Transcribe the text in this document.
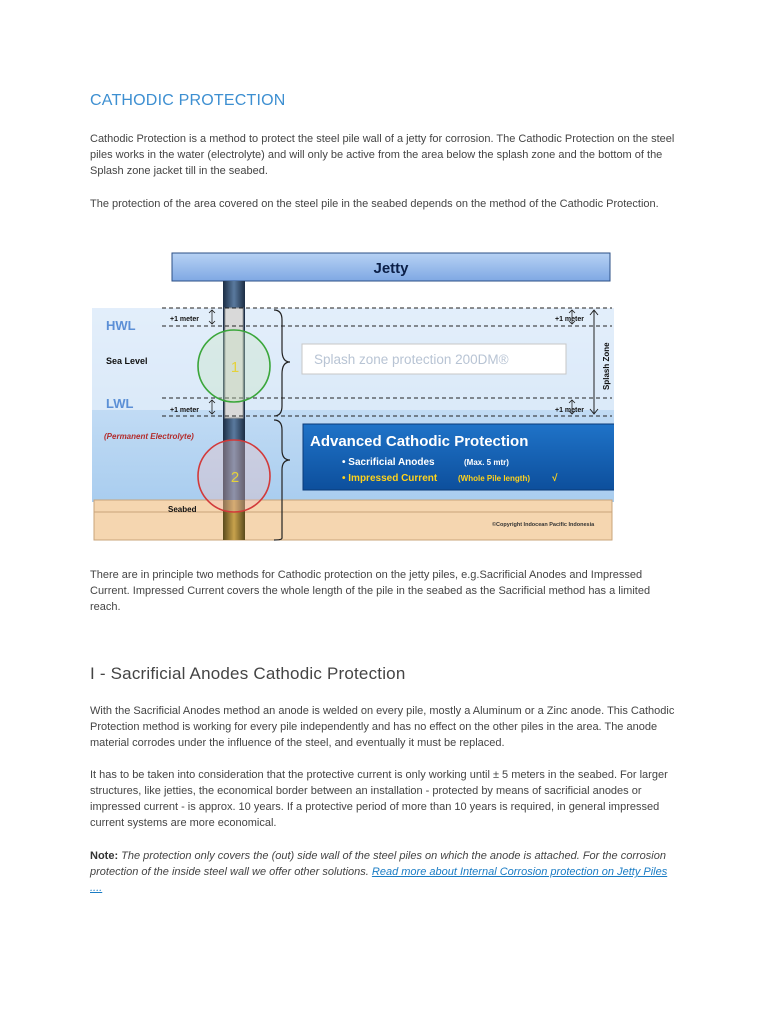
CATHODIC PROTECTION

Cathodic Protection is a method to protect the steel pile wall of a jetty for corrosion. The Cathodic Protection on the steel piles works in the water (electrolyte) and will only be active from the area below the splash zone and the bottom of the Splash zone jacket till in the seabed.

The protection of the area covered on the steel pile in the seabed depends on the method of the Cathodic Protection.

Jetty
HWL
Sea Level
LWL
(Permanent Electrolyte)
Seabed
+1 meter
+1 meter
+1 meter
+1 meter
Splash Zone
1
2
Splash zone protection 200DM®
Advanced Cathodic Protection
• Sacrificial Anodes	(Max. 5 mtr)
• Impressed Current	(Whole Pile length) √
©Copyright Indocean Pacific Indonesia

There are in principle two methods for Cathodic protection on the jetty piles, e.g.Sacrificial Anodes and Impressed Current. Impressed Current covers the whole length of the pile in the seabed as the Sacrificial method has a limited reach.

I - Sacrificial Anodes Cathodic Protection

With the Sacrificial Anodes method an anode is welded on every pile, mostly a Aluminum or a Zinc anode. This Cathodic Protection method is working for every pile independently and has no effect on the other piles in the area. The anode material corrodes under the influence of the steel, and eventually it must be replaced.

It has to be taken into consideration that the protective current is only working until ± 5 meters in the seabed. For larger structures, like jetties, the economical border between an installation - protected by means of sacrificial anodes or impressed current - is approx. 10 years. If a protective period of more than 10 years is required, in general impressed current systems are more economical.

Note: The protection only covers the (out) side wall of the steel piles on which the anode is attached. For the corrosion protection of the inside steel wall we offer other solutions. Read more about Internal Corrosion protection on Jetty Piles ....
